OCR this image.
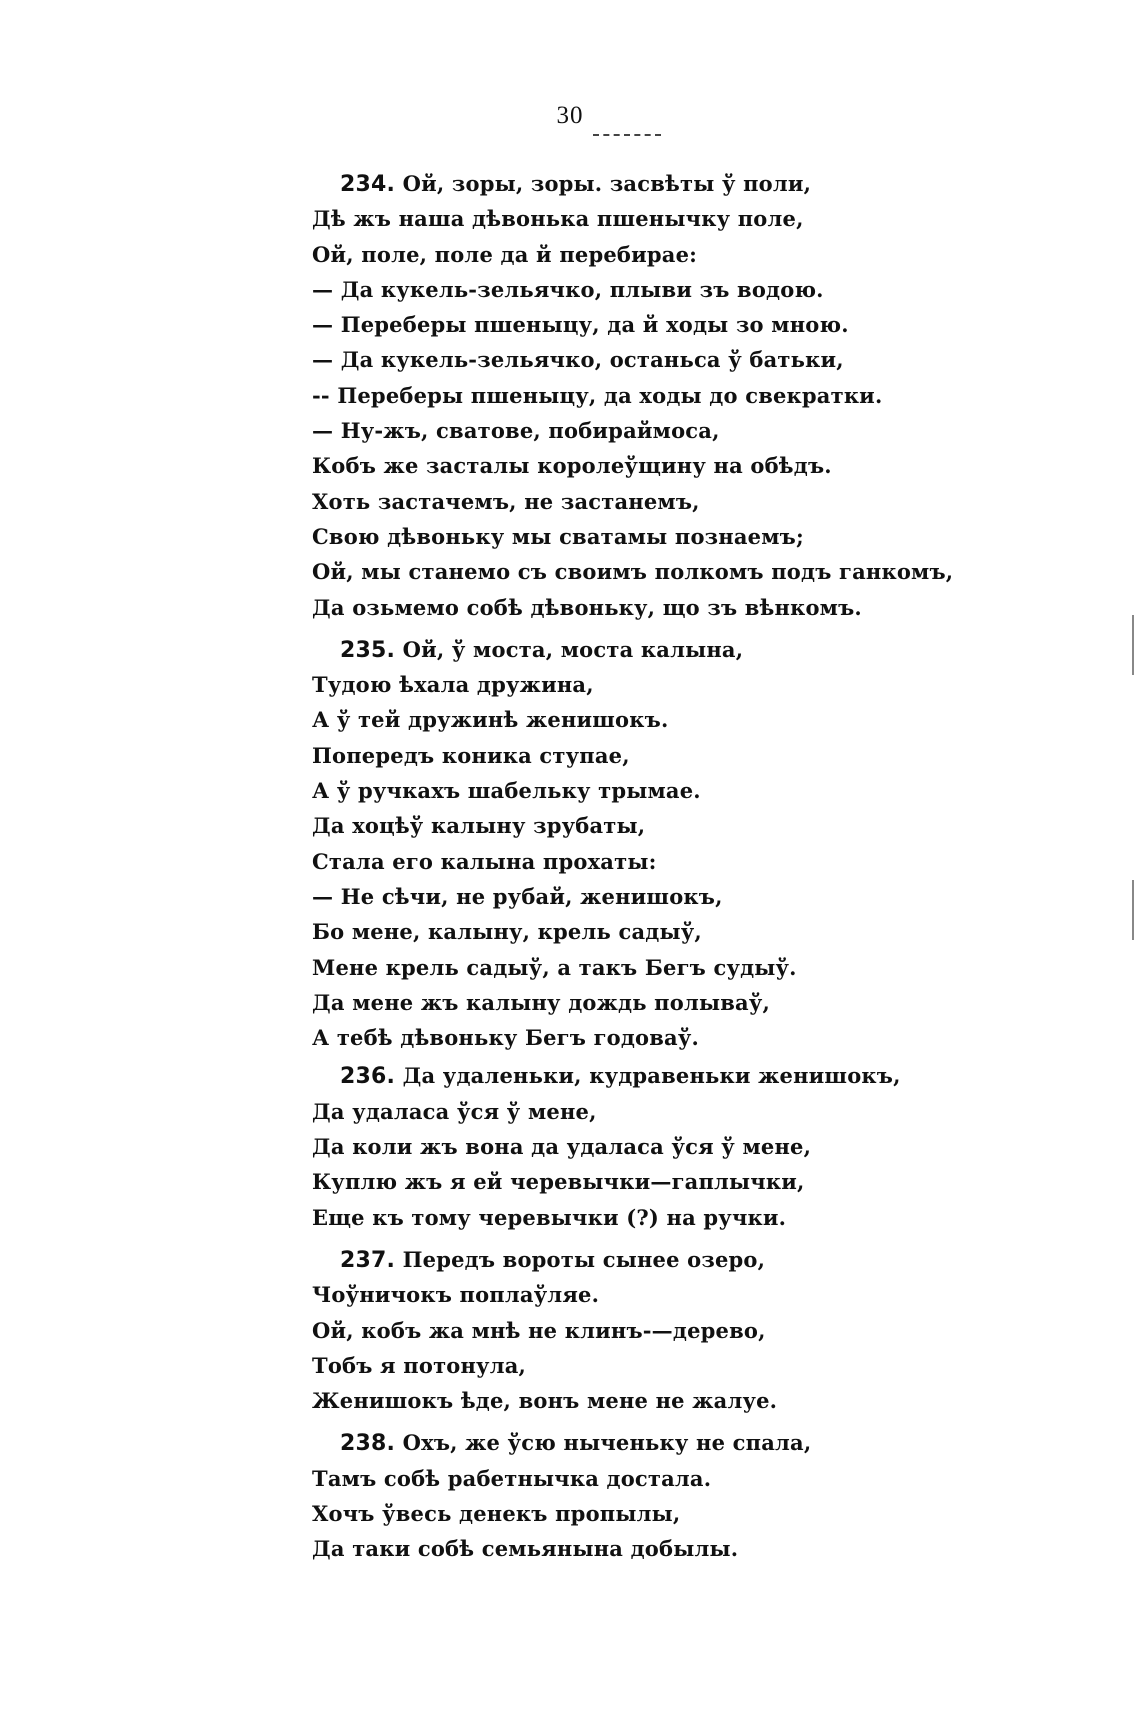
30
234. Ой, зоры, зоры. засвѣты ў поли,
Дѣ жъ наша дѣвонька пшенычку поле,
Ой, поле, поле да й перебирае:
— Да кукель-зельячко, плыви зъ водою.
— Переберы пшеныцу, да й ходы зо мною.
— Да кукель-зельячко, останьса ў батьки,
-- Переберы пшеныцу, да ходы до свекратки.
— Ну-жъ, сватове, побирaймоса,
Кобъ же засталы королеўщину на обѣдъ.
Хоть застачемъ, не застанемъ,
Свою дѣвоньку мы сватамы познаемъ;
Ой, мы станемо съ своимъ полкомъ подъ ганкомъ,
Да озьмемо собѣ дѣвоньку, що зъ вѣнкомъ.
235. Ой, ў моста, моста калына,
Тудою ѣхала дружина,
А ў тей дружинѣ женишокъ.
Попередъ коника ступае,
А ў ручкахъ шабельку трымае.
Да хоцѣў калыну зрубаты,
Стала его калына прохаты:
— Не сѣчи, не рубай, женишокъ,
Бо мене, калыну, крель садыў,
Мене крель садыў, а такъ Бегъ судыў.
Да мене жъ калыну дождь полываў,
А тебѣ дѣвоньку Бегъ годоваў.
236. Да удаленьки, кудравеньки женишокъ,
Да удаласа ўся ў мене,
Да коли жъ вона да удаласа ўся ў мене,
Куплю жъ я ей черевычки—гаплычки,
Еще къ тому черевычки (?) на ручки.
237. Передъ вороты сынее озеро,
Чоўничокъ поплаўляе.
Ой, кобъ жа мнѣ не клинъ-—дерево,
Тобъ я потонула,
Женишокъ ѣде, вонъ мене не жалуе.
238. Охъ, же ўсю ныченьку не спала,
Тамъ собѣ рабетнычка достала.
Хочъ ўвесь денекъ пропылы,
Да таки собѣ семьянына добылы.
